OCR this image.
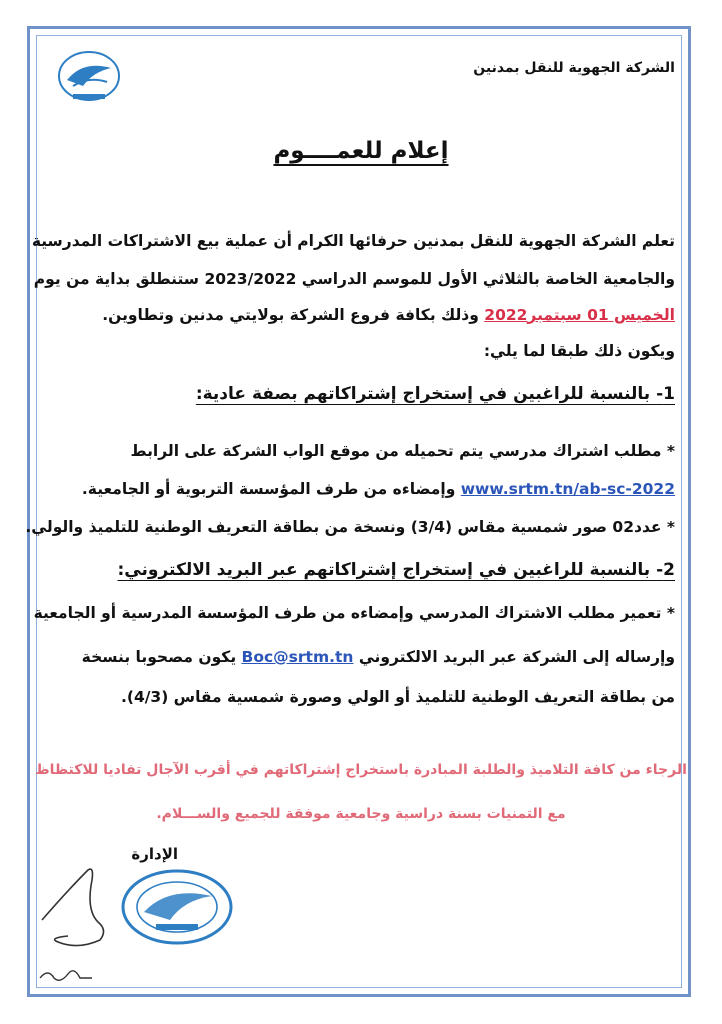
الشركة الجهوية للنقل بمدنين
إعلام للعمــــوم
تعلم الشركة الجهوية للنقل بمدنين حرفائها الكرام أن عملية بيع الاشتراكات المدرسية
والجامعية الخاصة بالثلاثي الأول للموسم الدراسي 2023/2022 ستنطلق بداية من يوم
الخميس 01 سبتمبر2022 وذلك بكافة فروع الشركة بولايتي مدنين وتطاوين.
ويكون ذلك طبقا لما يلي:
1- بالنسبة للراغبين في إستخراج إشتراكاتهم بصفة عادية:
* مطلب اشتراك مدرسي يتم تحميله من موقع الواب الشركة على الرابط
www.srtm.tn/ab-sc-2022 وإمضاءه من طرف المؤسسة التربوية أو الجامعية.
* عدد02 صور شمسية مقاس (3/4) ونسخة من بطاقة التعريف الوطنية للتلميذ والولي.
2- بالنسبة للراغبين في إستخراج إشتراكاتهم عبر البريد الالكتروني:
* تعمير مطلب الاشتراك المدرسي وإمضاءه من طرف المؤسسة المدرسية أو الجامعية
وإرساله إلى الشركة عبر البريد الالكتروني Boc@srtm.tn يكون مصحوبا بنسخة
من بطاقة التعريف الوطنية للتلميذ أو الولي وصورة شمسية مقاس (4/3).
الرجاء من كافة التلاميذ والطلبة المبادرة باستخراج إشتراكاتهم في أقرب الآجال تفاديا للاكتظاظ
مع التمنيات بسنة دراسية وجامعية موفقة للجميع والســـلام.
الإدارة
